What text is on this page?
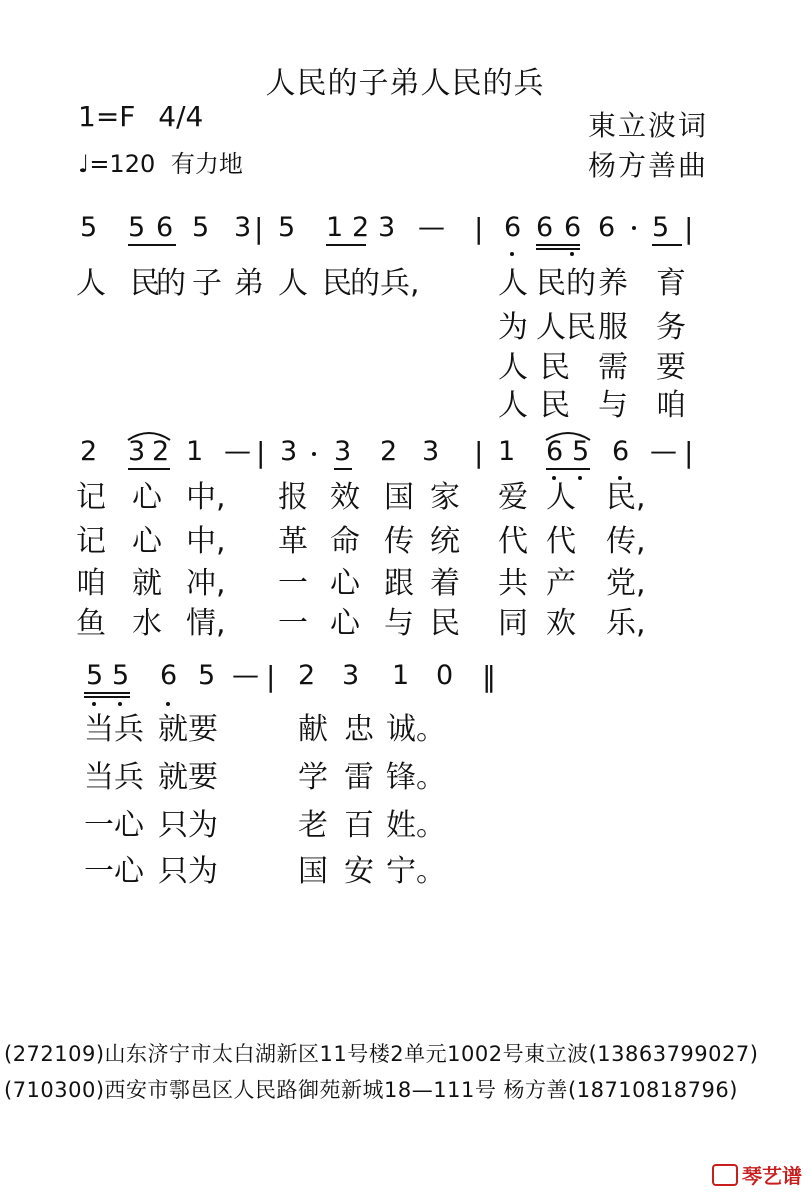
人民的子弟人民的兵
1=F 4/4
♩=120 有力地
東立波词
杨方善曲
5 5 6 5 3 | 5 1 2 3 — | 6 6 6 6 5 |
人 民
的 子 弟 人 民
的 兵,	人 民 的 养 育
为 人 民 服 务
人 民 需 要
人 民 与 咱
2 3 2 1 — | 3 3 2 3 | 1 6 5 6 — |
记 心 中, 报 效 国 家 爱 人 民,
记 心 中, 革 命 传 统 代 代 传,
咱 就 冲, 一 心 跟 着 共 产 党,
鱼 水 情, 一 心 与 民 同 欢 乐,
5 5 6 5 — | 2 3 1 0 ‖
当兵 就要	献 忠 诚。
当兵 就要	学 雷 锋。
一心 只为	老 百 姓。
一心 只为	国 安 宁。
(272109)山东济宁市太白湖新区11号楼2单元1002号東立波(13863799027)
(710300)西安市鄠邑区人民路御苑新城18—111号 杨方善(18710818796)
琴艺谱
